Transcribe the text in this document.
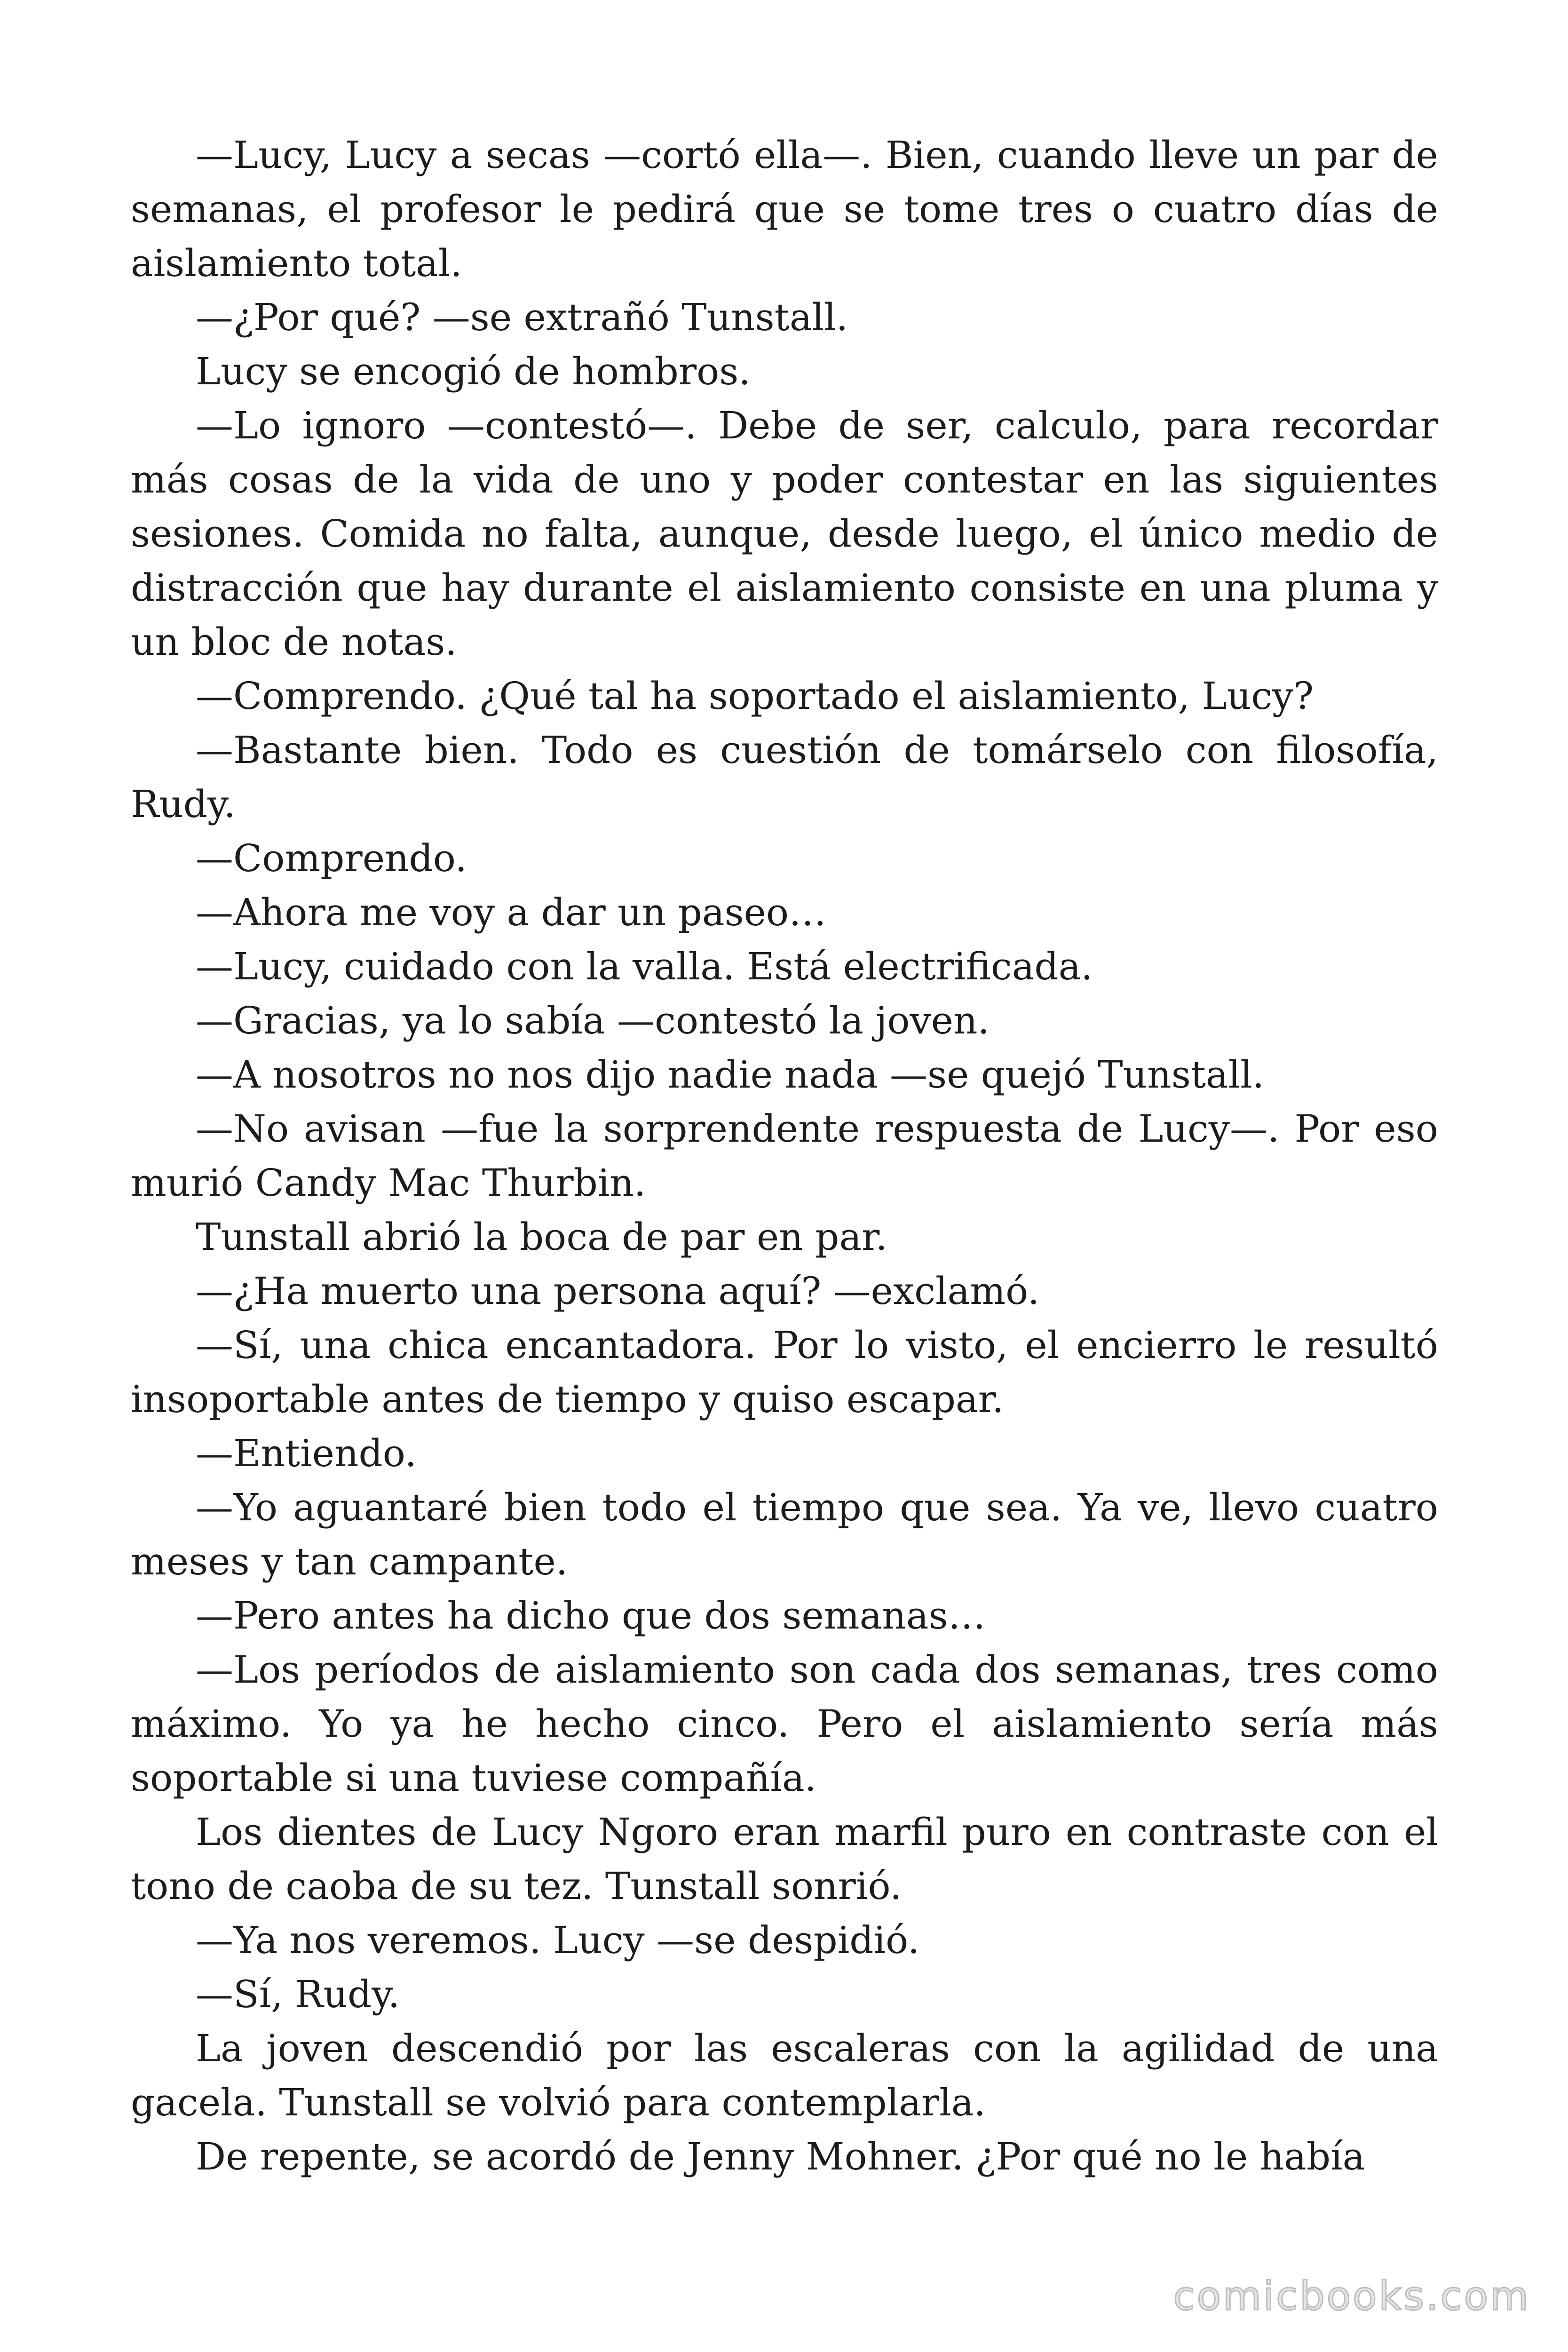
—Lucy, Lucy a secas —cortó ella—. Bien, cuando lleve un par de semanas, el profesor le pedirá que se tome tres o cuatro días de aislamiento total.

—¿Por qué? —se extrañó Tunstall.

Lucy se encogió de hombros.

—Lo ignoro —contestó—. Debe de ser, calculo, para recordar más cosas de la vida de uno y poder contestar en las siguientes sesiones. Comida no falta, aunque, desde luego, el único medio de distracción que hay durante el aislamiento consiste en una pluma y un bloc de notas.

—Comprendo. ¿Qué tal ha soportado el aislamiento, Lucy?

—Bastante bien. Todo es cuestión de tomárselo con filosofía, Rudy.

—Comprendo.

—Ahora me voy a dar un paseo…

—Lucy, cuidado con la valla. Está electrificada.

—Gracias, ya lo sabía —contestó la joven.

—A nosotros no nos dijo nadie nada —se quejó Tunstall.

—No avisan —fue la sorprendente respuesta de Lucy—. Por eso murió Candy Mac Thurbin.

Tunstall abrió la boca de par en par.

—¿Ha muerto una persona aquí? —exclamó.

—Sí, una chica encantadora. Por lo visto, el encierro le resultó insoportable antes de tiempo y quiso escapar.

—Entiendo.

—Yo aguantaré bien todo el tiempo que sea. Ya ve, llevo cuatro meses y tan campante.

—Pero antes ha dicho que dos semanas…

—Los períodos de aislamiento son cada dos semanas, tres como máximo. Yo ya he hecho cinco. Pero el aislamiento sería más soportable si una tuviese compañía.

Los dientes de Lucy Ngoro eran marfil puro en contraste con el tono de caoba de su tez. Tunstall sonrió.

—Ya nos veremos. Lucy —se despidió.

—Sí, Rudy.

La joven descendió por las escaleras con la agilidad de una gacela. Tunstall se volvió para contemplarla.

De repente, se acordó de Jenny Mohner. ¿Por qué no le había

comicbooks.com
